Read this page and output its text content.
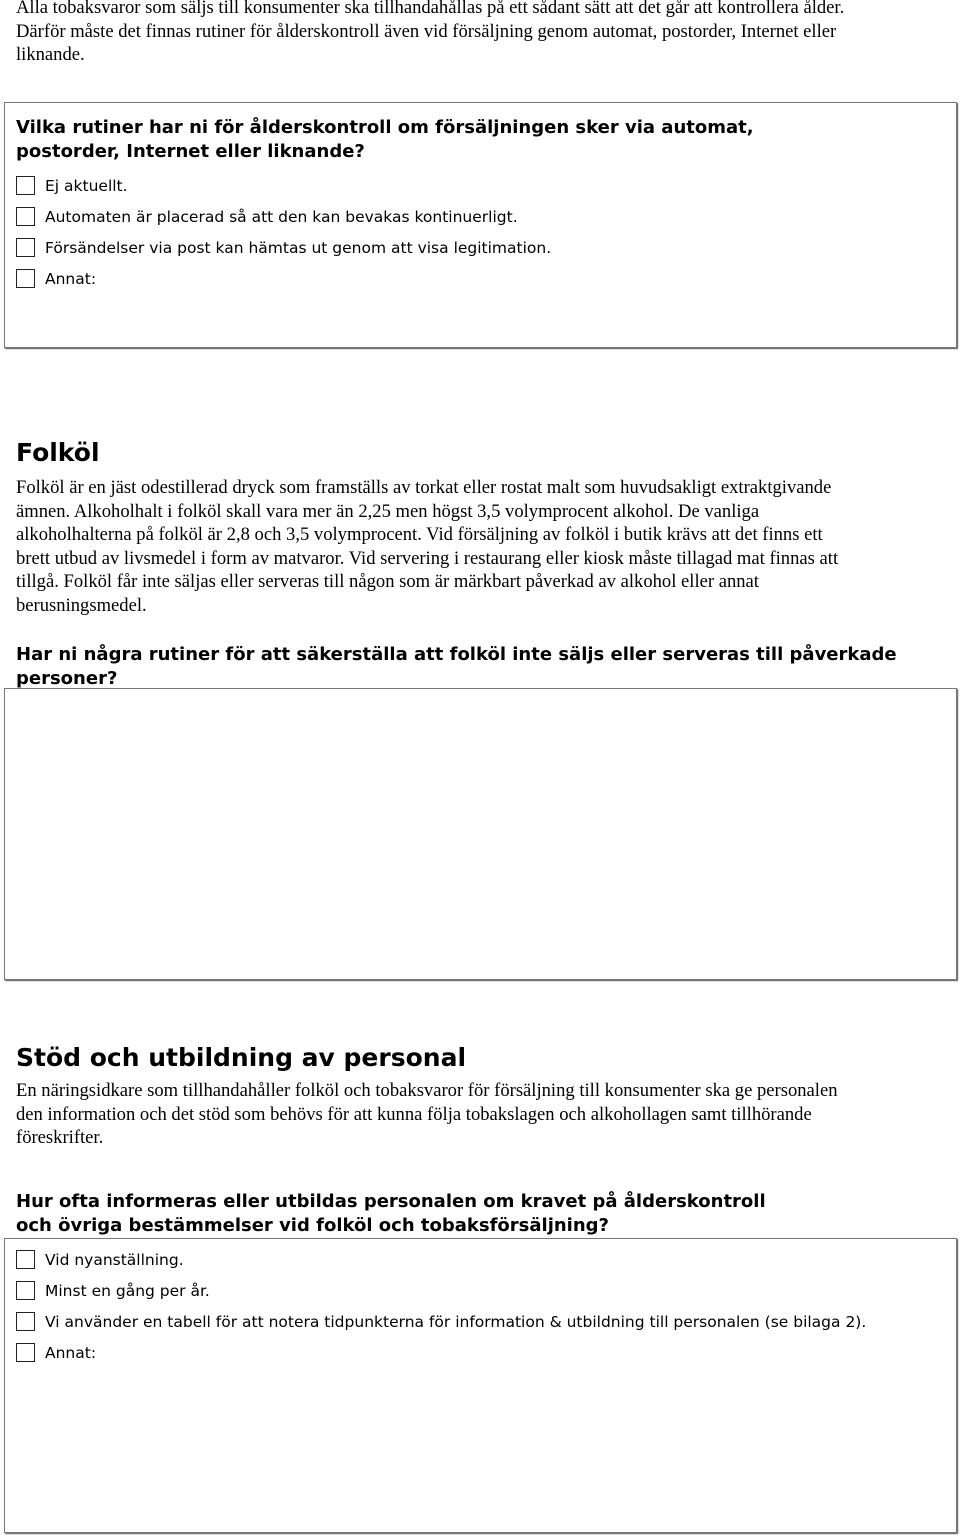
Alla tobaksvaror som säljs till konsumenter ska tillhandahållas på ett sådant sätt att det går att kontrollera ålder.
Därför måste det finnas rutiner för ålderskontroll även vid försäljning genom automat, postorder, Internet eller
liknande.
Vilka rutiner har ni för ålderskontroll om försäljningen sker via automat,
postorder, Internet eller liknande?
Ej aktuellt.
Automaten är placerad så att den kan bevakas kontinuerligt.
Försändelser via post kan hämtas ut genom att visa legitimation.
Annat:
Folköl
Folköl är en jäst odestillerad dryck som framställs av torkat eller rostat malt som huvudsakligt extraktgivande
ämnen. Alkoholhalt i folköl skall vara mer än 2,25 men högst 3,5 volymprocent alkohol. De vanliga
alkoholhalterna på folköl är 2,8 och 3,5 volymprocent. Vid försäljning av folköl i butik krävs att det finns ett
brett utbud av livsmedel i form av matvaror. Vid servering i restaurang eller kiosk måste tillagad mat finnas att
tillgå. Folköl får inte säljas eller serveras till någon som är märkbart påverkad av alkohol eller annat
berusningsmedel.
Har ni några rutiner för att säkerställa att folköl inte säljs eller serveras till påverkade
personer?
Stöd och utbildning av personal
En näringsidkare som tillhandahåller folköl och tobaksvaror för försäljning till konsumenter ska ge personalen
den information och det stöd som behövs för att kunna följa tobakslagen och alkohollagen samt tillhörande
föreskrifter.
Hur ofta informeras eller utbildas personalen om kravet på ålderskontroll
och övriga bestämmelser vid folköl och tobaksförsäljning?
Vid nyanställning.
Minst en gång per år.
Vi använder en tabell för att notera tidpunkterna för information & utbildning till personalen (se bilaga 2).
Annat:
